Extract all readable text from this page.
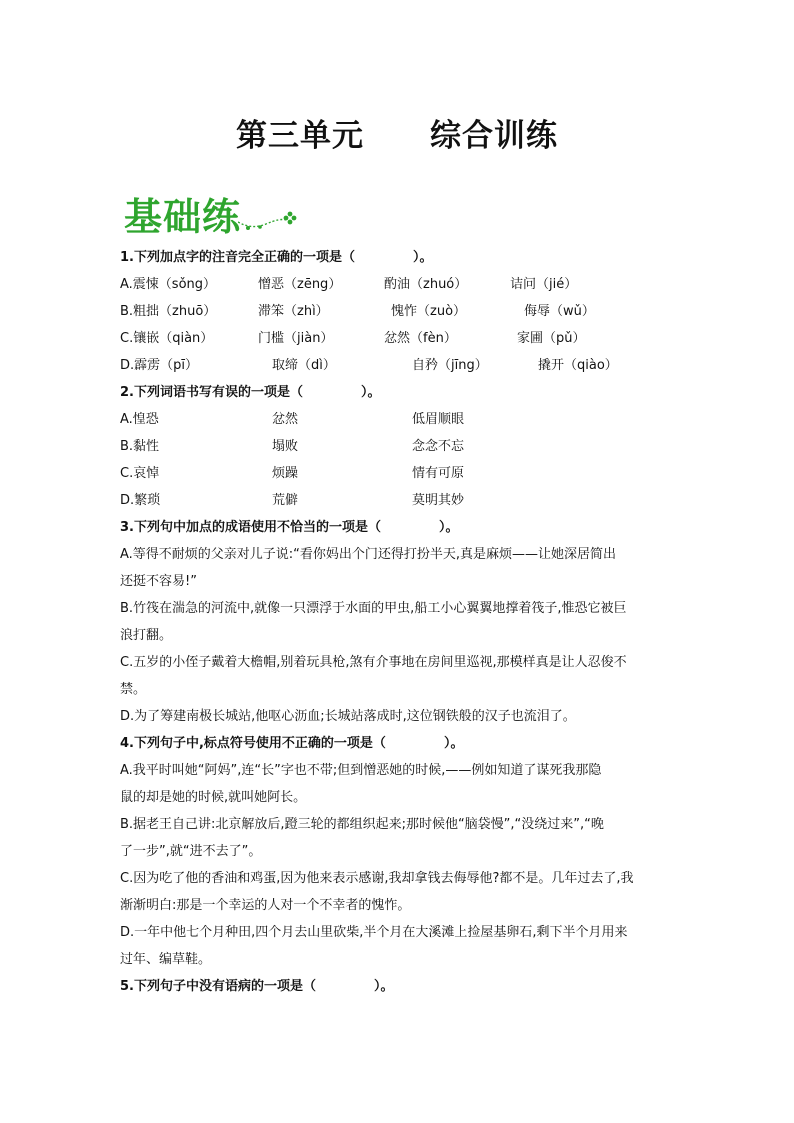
第三单元 综合训练
基础练
1.下列加点字的注音完全正确的一项是（	）。
A.震悚（sǒng）	憎恶（zēng）	酌油（zhuó）	诘问（jié）
B.粗拙（zhuō）	滞笨（zhì）	愧怍（zuò）	侮辱（wǔ）
C.镶嵌（qiàn）	门槛（jiàn）	忿然（fèn）	家圃（pǔ）
D.霹雳（pī）	取缔（dì）	自矜（jīng）	撬开（qiào）
2.下列词语书写有误的一项是（	）。
A.惶恐	忿然	低眉顺眼
B.黏性	塌败	念念不忘
C.哀悼	烦躁	情有可原
D.繁琐	荒僻	莫明其妙
3.下列句中加点的成语使用不恰当的一项是（	）。
A.等得不耐烦的父亲对儿子说:“看你妈出个门还得打扮半天,真是麻烦——让她深居简出
还挺不容易!”
B.竹筏在湍急的河流中,就像一只漂浮于水面的甲虫,船工小心翼翼地撑着筏子,惟恐它被巨
浪打翻。
C.五岁的小侄子戴着大檐帽,别着玩具枪,煞有介事地在房间里巡视,那模样真是让人忍俊不
禁。
D.为了筹建南极长城站,他呕心沥血;长城站落成时,这位钢铁般的汉子也流泪了。
4.下列句子中,标点符号使用不正确的一项是（	）。
A.我平时叫她“阿妈”,连“长”字也不带;但到憎恶她的时候,——例如知道了谋死我那隐
鼠的却是她的时候,就叫她阿长。
B.据老王自己讲:北京解放后,蹬三轮的都组织起来;那时候他“脑袋慢”,“没绕过来”,“晚
了一步”,就“进不去了”。
C.因为吃了他的香油和鸡蛋,因为他来表示感谢,我却拿钱去侮辱他?都不是。几年过去了,我
渐渐明白:那是一个幸运的人对一个不幸者的愧怍。
D.一年中他七个月种田,四个月去山里砍柴,半个月在大溪滩上捡屋基卵石,剩下半个月用来
过年、编草鞋。
5.下列句子中没有语病的一项是（	）。
